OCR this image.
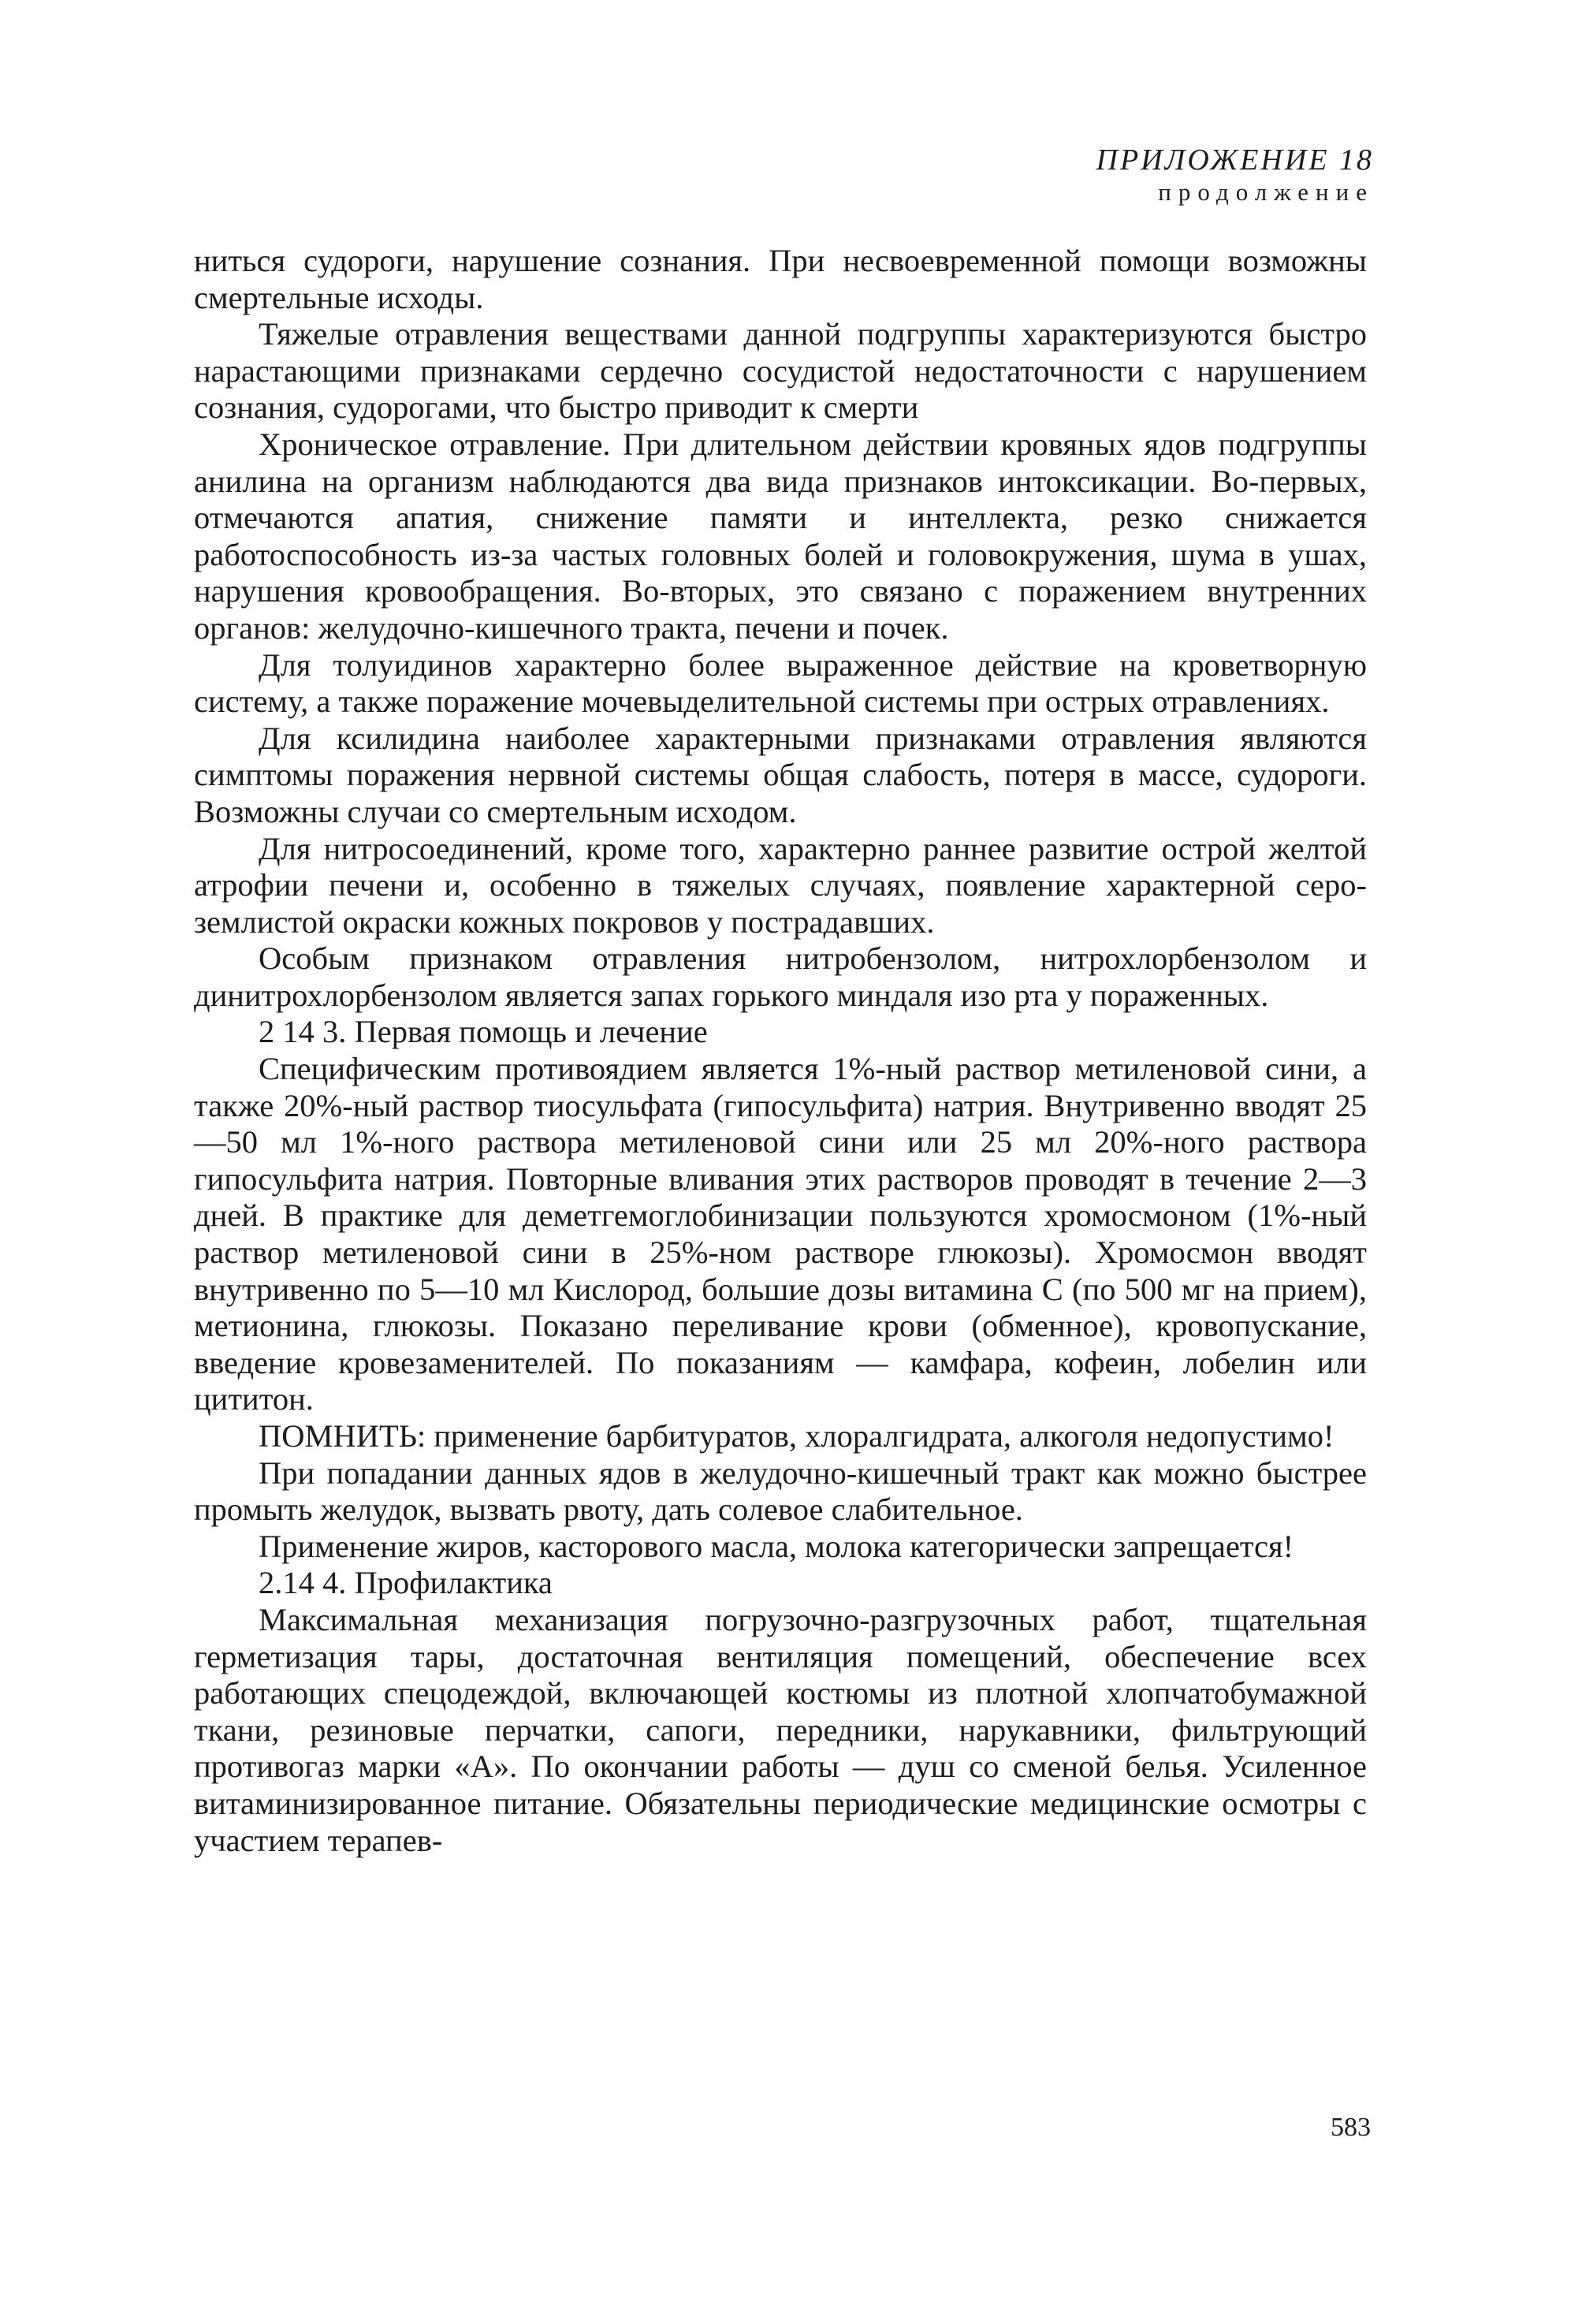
ПРИЛОЖЕНИЕ 18
продолжение

ниться судороги, нарушение сознания. При несвоевременной помощи возможны смертельные исходы.

Тяжелые отравления веществами данной подгруппы характеризуются быстро нарастающими признаками сердечно сосудистой недостаточности с нарушением сознания, судорогами, что быстро приводит к смерти

Хроническое отравление. При длительном действии кровяных ядов подгруппы анилина на организм наблюдаются два вида признаков интоксикации. Во-первых, отмечаются апатия, снижение памяти и интеллекта, резко снижается работоспособность из-за частых головных болей и головокружения, шума в ушах, нарушения кровообращения. Во-вторых, это связано с поражением внутренних органов: желудочно-кишечного тракта, печени и почек.

Для толуидинов характерно более выраженное действие на кроветворную систему, а также поражение мочевыделительной системы при острых отравлениях.

Для ксилидина наиболее характерными признаками отравления являются симптомы поражения нервной системы общая слабость, потеря в массе, судороги. Возможны случаи со смертельным исходом.

Для нитросоединений, кроме того, характерно раннее развитие острой желтой атрофии печени и, особенно в тяжелых случаях, появление характерной серо-землистой окраски кожных покровов у пострадавших.

Особым признаком отравления нитробензолом, нитрохлорбензолом и динитрохлорбензолом является запах горького миндаля изо рта у пораженных.

2 14 3. Первая помощь и лечение

Специфическим противоядием является 1%-ный раствор метиленовой сини, а также 20%-ный раствор тиосульфата (гипосульфита) натрия. Внутривенно вводят 25—50 мл 1%-ного раствора метиленовой сини или 25 мл 20%-ного раствора гипосульфита натрия. Повторные вливания этих растворов проводят в течение 2—3 дней. В практике для деметгемоглобинизации пользуются хромосмоном (1%-ный раствор метиленовой сини в 25%-ном растворе глюкозы). Хромосмон вводят внутривенно по 5—10 мл Кислород, большие дозы витамина С (по 500 мг на прием), метионина, глюкозы. Показано переливание крови (обменное), кровопускание, введение кровезаменителей. По показаниям — камфара, кофеин, лобелин или цититон.

ПОМНИТЬ: применение барбитуратов, хлоралгидрата, алкоголя недопустимо!

При попадании данных ядов в желудочно-кишечный тракт как можно быстрее промыть желудок, вызвать рвоту, дать солевое слабительное.

Применение жиров, касторового масла, молока категорически запрещается!

2.14 4. Профилактика

Максимальная механизация погрузочно-разгрузочных работ, тщательная герметизация тары, достаточная вентиляция помещений, обеспечение всех работающих спецодеждой, включающей костюмы из плотной хлопчатобумажной ткани, резиновые перчатки, сапоги, передники, нарукавники, фильтрующий противогаз марки «А». По окончании работы — душ со сменой белья. Усиленное витаминизированное питание. Обязательны периодические медицинские осмотры с участием терапев-

583
